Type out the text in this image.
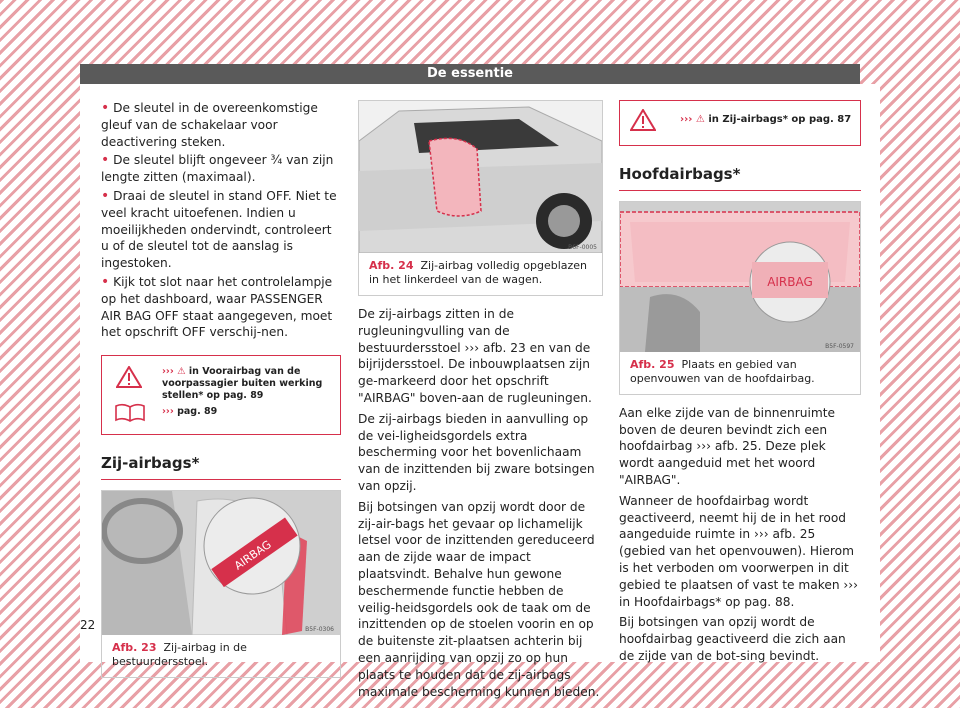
De essentie
• De sleutel in de overeenkomstige gleuf van de schakelaar voor deactivering steken.
• De sleutel blijft ongeveer ¾ van zijn lengte zitten (maximaal).
• Draai de sleutel in stand OFF. Niet te veel kracht uitoefenen. Indien u moeilijkheden ondervindt, controleert u of de sleutel tot de aanslag is ingestoken.
• Kijk tot slot naar het controlelampje op het dashboard, waar PASSENGER AIR BAG OFF staat aangegeven, moet het opschrift OFF verschij-nen.
››› ⚠ in Voorairbag van de voorpassagier buiten werking stellen* op pag. 89
››› pag. 89
Zij-airbags*
AIRBAG
B5F-0306
Afb. 23 Zij-airbag in de bestuurdersstoel.
B6F-0005
Afb. 24 Zij-airbag volledig opgeblazen in het linkerdeel van de wagen.
De zij-airbags zitten in de rugleuningvulling van de bestuurdersstoel ››› afb. 23 en van de bijrijdersstoel. De inbouwplaatsen zijn ge-markeerd door het opschrift "AIRBAG" boven-aan de rugleuningen.
De zij-airbags bieden in aanvulling op de vei-ligheidsgordels extra bescherming voor het bovenlichaam van de inzittenden bij zware botsingen van opzij.
Bij botsingen van opzij wordt door de zij-air-bags het gevaar op lichamelijk letsel voor de inzittenden gereduceerd aan de zijde waar de impact plaatsvindt. Behalve hun gewone beschermende functie hebben de veilig-heidsgordels ook de taak om de inzittenden op de stoelen voorin en op de buitenste zit-plaatsen achterin bij een aanrijding van opzij zo op hun plaats te houden dat de zij-airbags maximale bescherming kunnen bieden.
››› ⚠ in Zij-airbags* op pag. 87
Hoofdairbags*
AIRBAG
B5F-0597
Afb. 25 Plaats en gebied van openvouwen van de hoofdairbag.
Aan elke zijde van de binnenruimte boven de deuren bevindt zich een hoofdairbag ››› afb. 25. Deze plek wordt aangeduid met het woord "AIRBAG".
Wanneer de hoofdairbag wordt geactiveerd, neemt hij de in het rood aangeduide ruimte in ››› afb. 25 (gebied van het openvouwen). Hierom is het verboden om voorwerpen in dit gebied te plaatsen of vast te maken ››› in Hoofdairbags* op pag. 88.
Bij botsingen van opzij wordt de hoofdairbag geactiveerd die zich aan de zijde van de bot-sing bevindt.
22
